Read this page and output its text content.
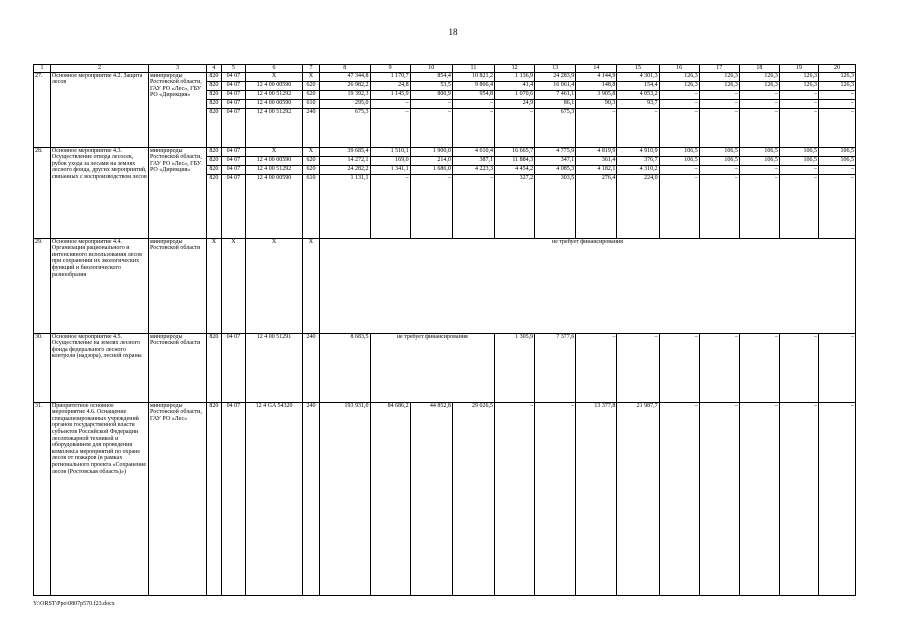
18
1	2	3	4	5	6	7	8	9	10	11	12	13	14	15	16	17	18	19	20
27.	Основное мероприятие 4.2. Защита лесов	минприроды Ростовской области, ГАУ РО «Лес», ГБУ РО «Дирекция»	820	04 07	Х	Х	47 344,8	1 170,7	854,4	10 821,2	1 136,9	24 283,9	4 144,9	4 301,3	126,3	126,3	126,3	126,3	126,3
			820	04 07	12 4 00 00590	620	26 982,2	24,8	53,5	9 866,4	41,4	16 061,4	148,8	154,4	126,3	126,3	126,3	126,3	126,3
			820	04 07	12 4 00 51292	620	19 392,3	1 145,9	800,9	954,8	1 070,6	7 461,1	3 905,8	4 053,2	–	–	–	–	–
			820	04 07	12 4 00 00590	610	295,0	–	–	–	24,9	86,1	90,3	93,7	–	–	–	–	–
			820	04 07	12 4 00 51292	240	675,3	–	–	–	–	675,3	–	–	–	–	–	–	–
28.	Основное мероприятие 4.3. Осуществление отвода лесосек, рубок ухода за лесами на землях лесного фонда, других мероприятий, связанных с воспроизводством лесов	минприроды Ростовской области, ГАУ РО «Лес», ГБУ РО «Дирекция»	820	04 07	Х	Х	39 685,4	1 510,1	1 900,0	4 610,4	16 665,7	4 775,9	4 819,9	4 910,9	106,5	106,5	106,5	106,5	106,5
			820	04 07	12 4 00 00590	620	14 272,1	169,0	214,0	387,1	11 884,3	347,1	361,4	376,7	106,5	106,5	106,5	106,5	106,5
			820	04 07	12 4 00 51292	620	24 282,2	1 341,1	1 686,0	4 223,3	4 454,2	4 085,3	4 182,1	4 310,2	–	–	–	–	–
			820	04 07	12 4 00 00590	610	1 131,1	–	–	–	327,2	303,5	276,4	224,0	–	–	–	–	–
29.	Основное мероприятие 4.4. Организация рационального и интенсивного использования лесов при сохранении их экологических функций и биологического разнообразия	минприроды Ростовской области	Х	Х	Х	Х	не требует финансирования												
30.	Основное мероприятие 4.5. Осуществление на землях лесного фонда федерального лесного контроля (надзора), лесной охраны	минприроды Ростовской области	820	04 07	12 4 00 51291	240	8 683,5	не требует финансирования			1 305,9	7 377,6	–	–	–	–	–	–	–
31.	Приоритетное основное мероприятие 4.6. Оснащение специализированных учреждений органов государственной власти субъектов Российской Федерации лесопожарной техникой и оборудованием для проведения комплекса мероприятий по охране лесов от пожаров (в рамках регионального проекта «Сохранение лесов (Ростовская область)»)	минприроды Ростовской области, ГАУ РО «Лес»	820	04 07	12 4 GA 54320	240	193 931,0	84 686,2	44 852,8	29 026,5	–	–	13 377,8	21 987,7	–	–	–	–	–
Y:\ORST\Ppo\0807p570.f23.docx
